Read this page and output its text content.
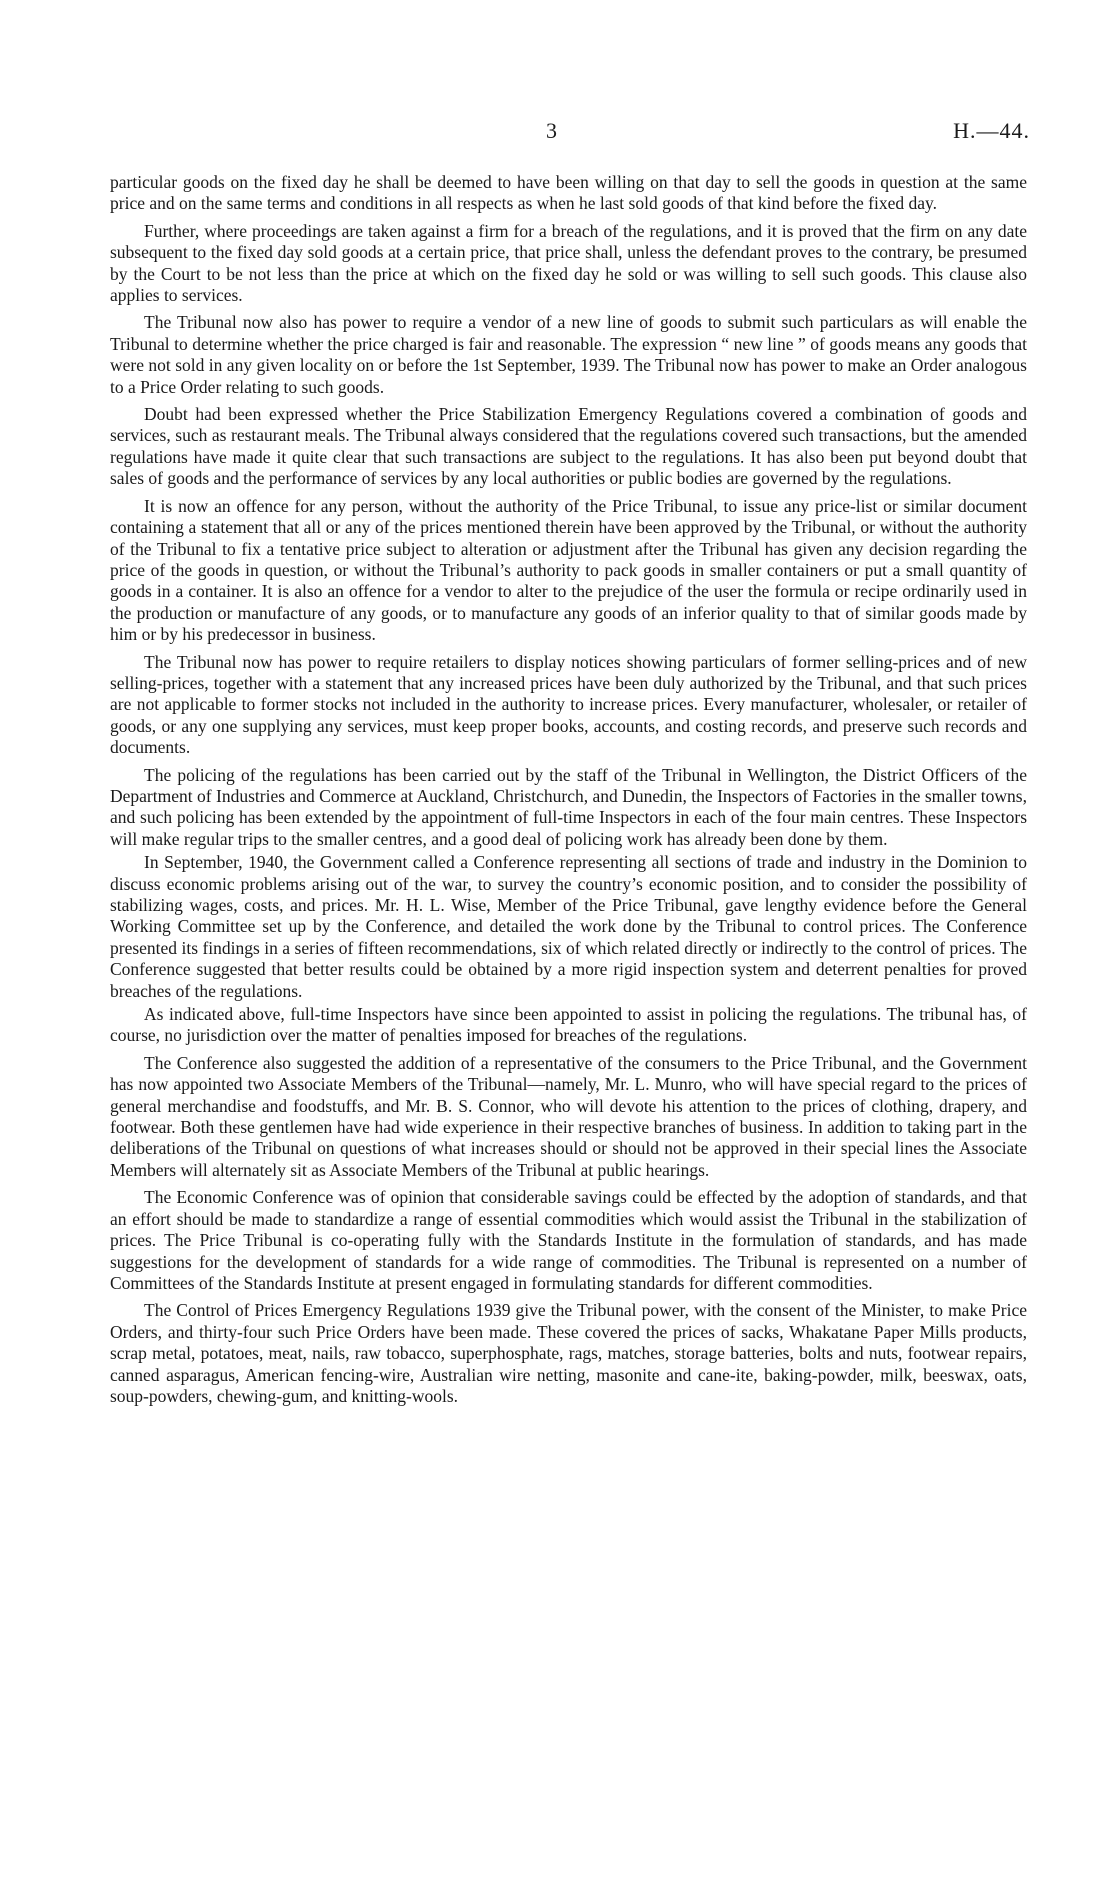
3	H.—44.

particular goods on the fixed day he shall be deemed to have been willing on that day to sell the goods in question at the same price and on the same terms and conditions in all respects as when he last sold goods of that kind before the fixed day.

Further, where proceedings are taken against a firm for a breach of the regulations, and it is proved that the firm on any date subsequent to the fixed day sold goods at a certain price, that price shall, unless the defendant proves to the contrary, be presumed by the Court to be not less than the price at which on the fixed day he sold or was willing to sell such goods. This clause also applies to services.

The Tribunal now also has power to require a vendor of a new line of goods to submit such particulars as will enable the Tribunal to determine whether the price charged is fair and reasonable. The expression “ new line ” of goods means any goods that were not sold in any given locality on or before the 1st September, 1939. The Tribunal now has power to make an Order analogous to a Price Order relating to such goods.

Doubt had been expressed whether the Price Stabilization Emergency Regulations covered a combination of goods and services, such as restaurant meals. The Tribunal always considered that the regulations covered such transactions, but the amended regulations have made it quite clear that such transactions are subject to the regulations. It has also been put beyond doubt that sales of goods and the performance of services by any local authorities or public bodies are governed by the regulations.

It is now an offence for any person, without the authority of the Price Tribunal, to issue any price-list or similar document containing a statement that all or any of the prices mentioned therein have been approved by the Tribunal, or without the authority of the Tribunal to fix a tentative price subject to alteration or adjustment after the Tribunal has given any decision regarding the price of the goods in question, or without the Tribunal’s authority to pack goods in smaller containers or put a small quantity of goods in a container. It is also an offence for a vendor to alter to the prejudice of the user the formula or recipe ordinarily used in the production or manufacture of any goods, or to manufacture any goods of an inferior quality to that of similar goods made by him or by his predecessor in business.

The Tribunal now has power to require retailers to display notices showing particulars of former selling-prices and of new selling-prices, together with a statement that any increased prices have been duly authorized by the Tribunal, and that such prices are not applicable to former stocks not included in the authority to increase prices. Every manufacturer, wholesaler, or retailer of goods, or any one supplying any services, must keep proper books, accounts, and costing records, and preserve such records and documents.

The policing of the regulations has been carried out by the staff of the Tribunal in Wellington, the District Officers of the Department of Industries and Commerce at Auckland, Christchurch, and Dunedin, the Inspectors of Factories in the smaller towns, and such policing has been extended by the appointment of full-time Inspectors in each of the four main centres. These Inspectors will make regular trips to the smaller centres, and a good deal of policing work has already been done by them.

In September, 1940, the Government called a Conference representing all sections of trade and industry in the Dominion to discuss economic problems arising out of the war, to survey the country’s economic position, and to consider the possibility of stabilizing wages, costs, and prices. Mr. H. L. Wise, Member of the Price Tribunal, gave lengthy evidence before the General Working Committee set up by the Conference, and detailed the work done by the Tribunal to control prices. The Conference presented its findings in a series of fifteen recommendations, six of which related directly or indirectly to the control of prices. The Conference suggested that better results could be obtained by a more rigid inspection system and deterrent penalties for proved breaches of the regulations.

As indicated above, full-time Inspectors have since been appointed to assist in policing the regulations. The tribunal has, of course, no jurisdiction over the matter of penalties imposed for breaches of the regulations.

The Conference also suggested the addition of a representative of the consumers to the Price Tribunal, and the Government has now appointed two Associate Members of the Tribunal—namely, Mr. L. Munro, who will have special regard to the prices of general merchandise and foodstuffs, and Mr. B. S. Connor, who will devote his attention to the prices of clothing, drapery, and footwear. Both these gentlemen have had wide experience in their respective branches of business. In addition to taking part in the deliberations of the Tribunal on questions of what increases should or should not be approved in their special lines the Associate Members will alternately sit as Associate Members of the Tribunal at public hearings.

The Economic Conference was of opinion that considerable savings could be effected by the adoption of standards, and that an effort should be made to standardize a range of essential commodities which would assist the Tribunal in the stabilization of prices. The Price Tribunal is co-operating fully with the Standards Institute in the formulation of standards, and has made suggestions for the development of standards for a wide range of commodities. The Tribunal is represented on a number of Committees of the Standards Institute at present engaged in formulating standards for different commodities.

The Control of Prices Emergency Regulations 1939 give the Tribunal power, with the consent of the Minister, to make Price Orders, and thirty-four such Price Orders have been made. These covered the prices of sacks, Whakatane Paper Mills products, scrap metal, potatoes, meat, nails, raw tobacco, superphosphate, rags, matches, storage batteries, bolts and nuts, footwear repairs, canned asparagus, American fencing-wire, Australian wire netting, masonite and cane-ite, baking-powder, milk, beeswax, oats, soup-powders, chewing-gum, and knitting-wools.
